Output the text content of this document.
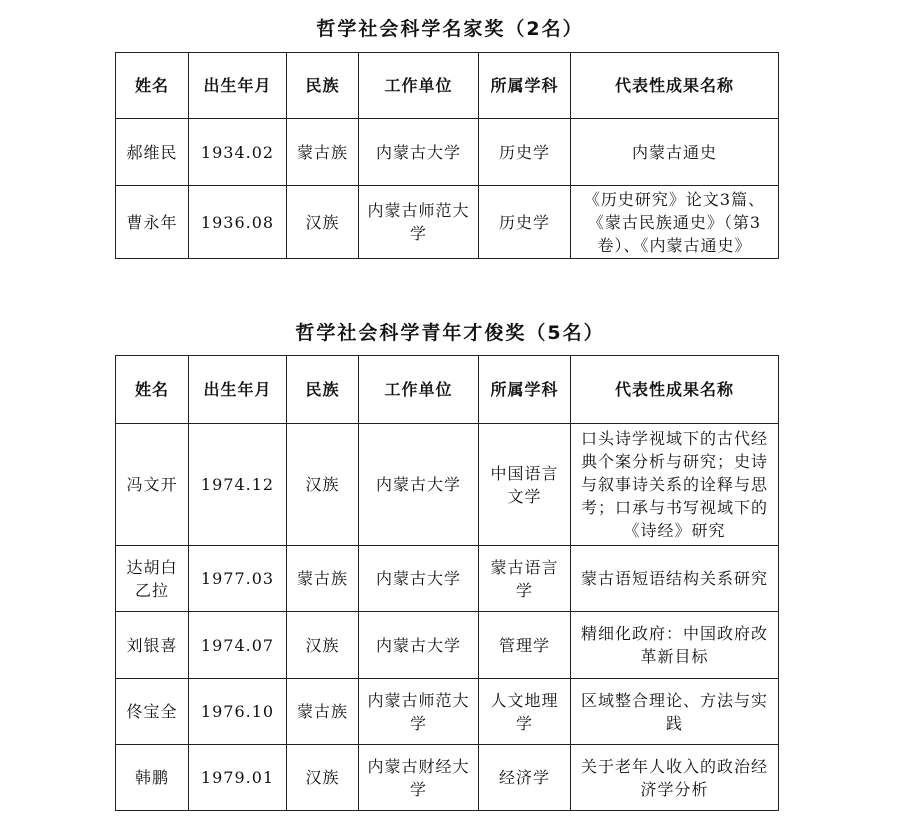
哲学社会科学名家奖（2名）
姓名	出生年月	民族	工作单位	所属学科	代表性成果名称
郝维民	1934.02	蒙古族	内蒙古大学	历史学	内蒙古通史
曹永年	1936.08	汉族	内蒙古师范大学	历史学	《历史研究》论文3篇、《蒙古民族通史》（第3卷）、《内蒙古通史》
哲学社会科学青年才俊奖（5名）
姓名	出生年月	民族	工作单位	所属学科	代表性成果名称
冯文开	1974.12	汉族	内蒙古大学	中国语言文学	口头诗学视域下的古代经典个案分析与研究；史诗与叙事诗关系的诠释与思考；口承与书写视域下的《诗经》研究
达胡白乙拉	1977.03	蒙古族	内蒙古大学	蒙古语言学	蒙古语短语结构关系研究
刘银喜	1974.07	汉族	内蒙古大学	管理学	精细化政府：中国政府改革新目标
佟宝全	1976.10	蒙古族	内蒙古师范大学	人文地理学	区域整合理论、方法与实践
韩鹏	1979.01	汉族	内蒙古财经大学	经济学	关于老年人收入的政治经济学分析
